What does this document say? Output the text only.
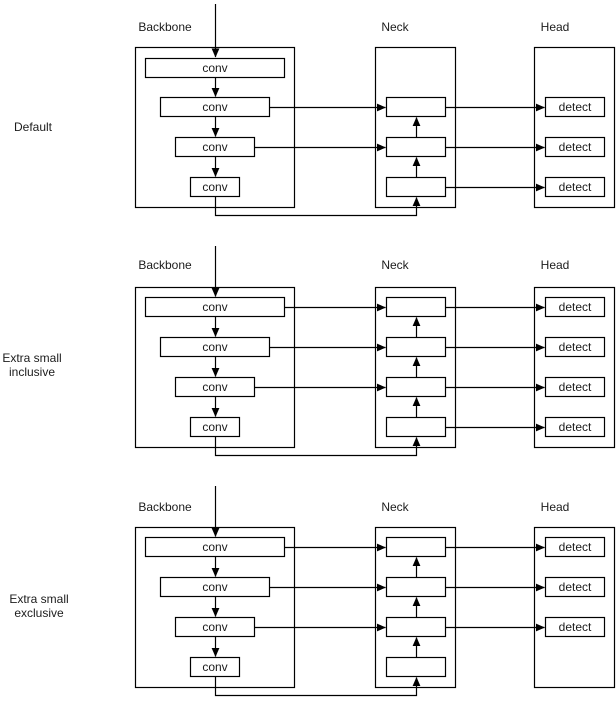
Backbone	Neck	Head
Default
conv
conv
conv
conv
detect
detect
detect
Backbone	Neck	Head
Extra small
inclusive
conv
conv
conv
conv
detect
detect
detect
detect
Backbone	Neck	Head
Extra small
exclusive
conv
conv
conv
conv
detect
detect
detect
